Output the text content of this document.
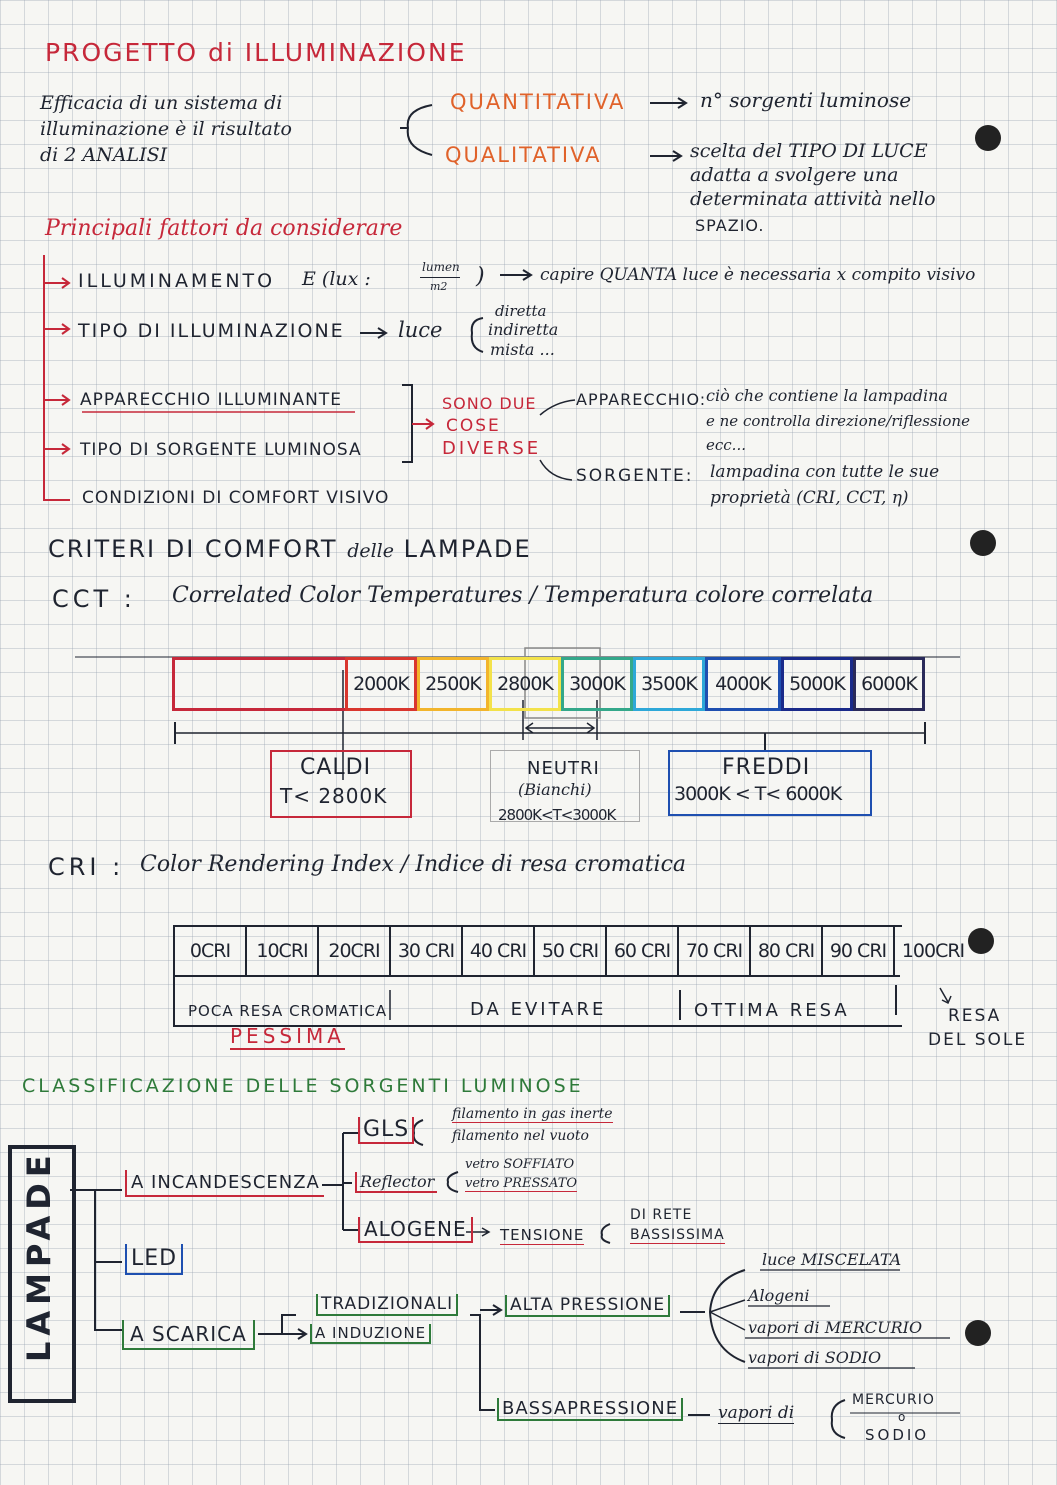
PROGETTO di ILLUMINAZIONE
Efficacia di un sistema di
illuminazione è il risultato
di 2 ANALISI
QUANTITATIVA	n° sorgenti luminose
QUALITATIVA	scelta del TIPO DI LUCE
adatta a svolgere una
determinata attività nello
SPAZIO.
Principali fattori da considerare
ILLUMINAMENTO E (lux :
lumen
m2 )	capire QUANTA luce è necessaria x compito visivo
TIPO DI ILLUMINAZIONE	luce
diretta
indiretta
mista ...
APPARECCHIO ILLUMINANTE
TIPO DI SORGENTE LUMINOSA
CONDIZIONI DI COMFORT VISIVO
SONO DUE
COSE
DIVERSE
APPARECCHIO: ciò che contiene la lampadina
e ne controlla direzione/riflessione
ecc...
SORGENTE: lampadina con tutte le sue
proprietà (CRI, CCT, η)
CRITERI DI COMFORT delle LAMPADE
CCT : Correlated Color Temperatures / Temperatura colore correlata
2000K 2500K 2800K 3000K 3500K 4000K 5000K 6000K
CALDI
T< 2800K
NEUTRI
(Bianchi)
2800K<T<3000K
FREDDI
3000K < T< 6000K
CRI : Color Rendering Index / Indice di resa cromatica
0CRI	10CRI	20CRI 30 CRI 40 CRI 50 CRI 60 CRI 70 CRI 80 CRI 90 CRI 100CRI
POCA RESA CROMATICA
PESSIMA
DA EVITARE	OTTIMA RESA	RESA
DEL SOLE
CLASSIFICAZIONE DELLE SORGENTI LUMINOSE
LAMPADE	A INCANDESCENZA
LED
A SCARICA
GLS
filamento in gas inerte
filamento nel vuoto
Reflector
vetro SOFFIATO
vetro PRESSATO
ALOGENE	TENSIONE
DI RETE
BASSISSIMA
TRADIZIONALI
A INDUZIONE
ALTA PRESSIONE
luce MISCELATA
Alogeni
vapori di MERCURIO
vapori di SODIO
BASSAPRESSIONE vapori di
MERCURIO
o
SODIO
